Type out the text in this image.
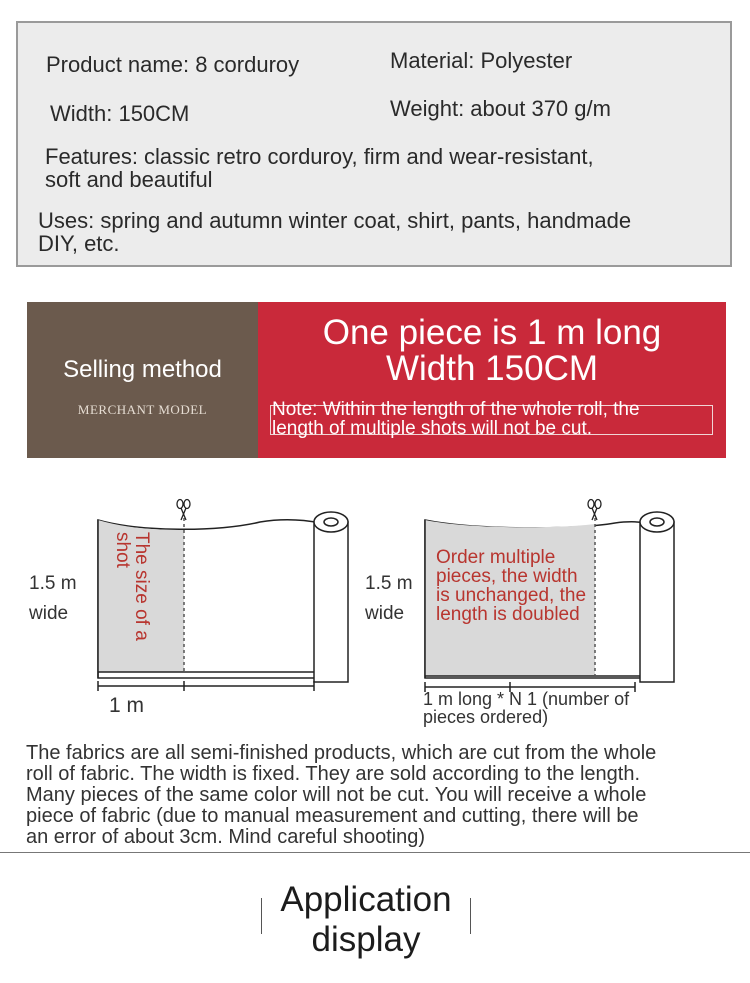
Product name: 8 corduroy	Material: Polyester
Width: 150CM	Weight: about 370 g/m
Features: classic retro corduroy, firm and wear-resistant,
soft and beautiful
Uses: spring and autumn winter coat, shirt, pants, handmade
DIY, etc.
Selling method
MERCHANT MODEL
One piece is 1 m long
Width 150CM
Note: Within the length of the whole roll, the
length of multiple shots will not be cut.
1.5 m
wide
1 m
The size of a
shot
1.5 m
wide
Order multiple
pieces, the width
is unchanged, the
length is doubled
1 m long * N 1 (number of
pieces ordered)
The fabrics are all semi-finished products, which are cut from the whole
roll of fabric. The width is fixed. They are sold according to the length.
Many pieces of the same color will not be cut. You will receive a whole
piece of fabric (due to manual measurement and cutting, there will be
an error of about 3cm. Mind careful shooting)
Application
display
